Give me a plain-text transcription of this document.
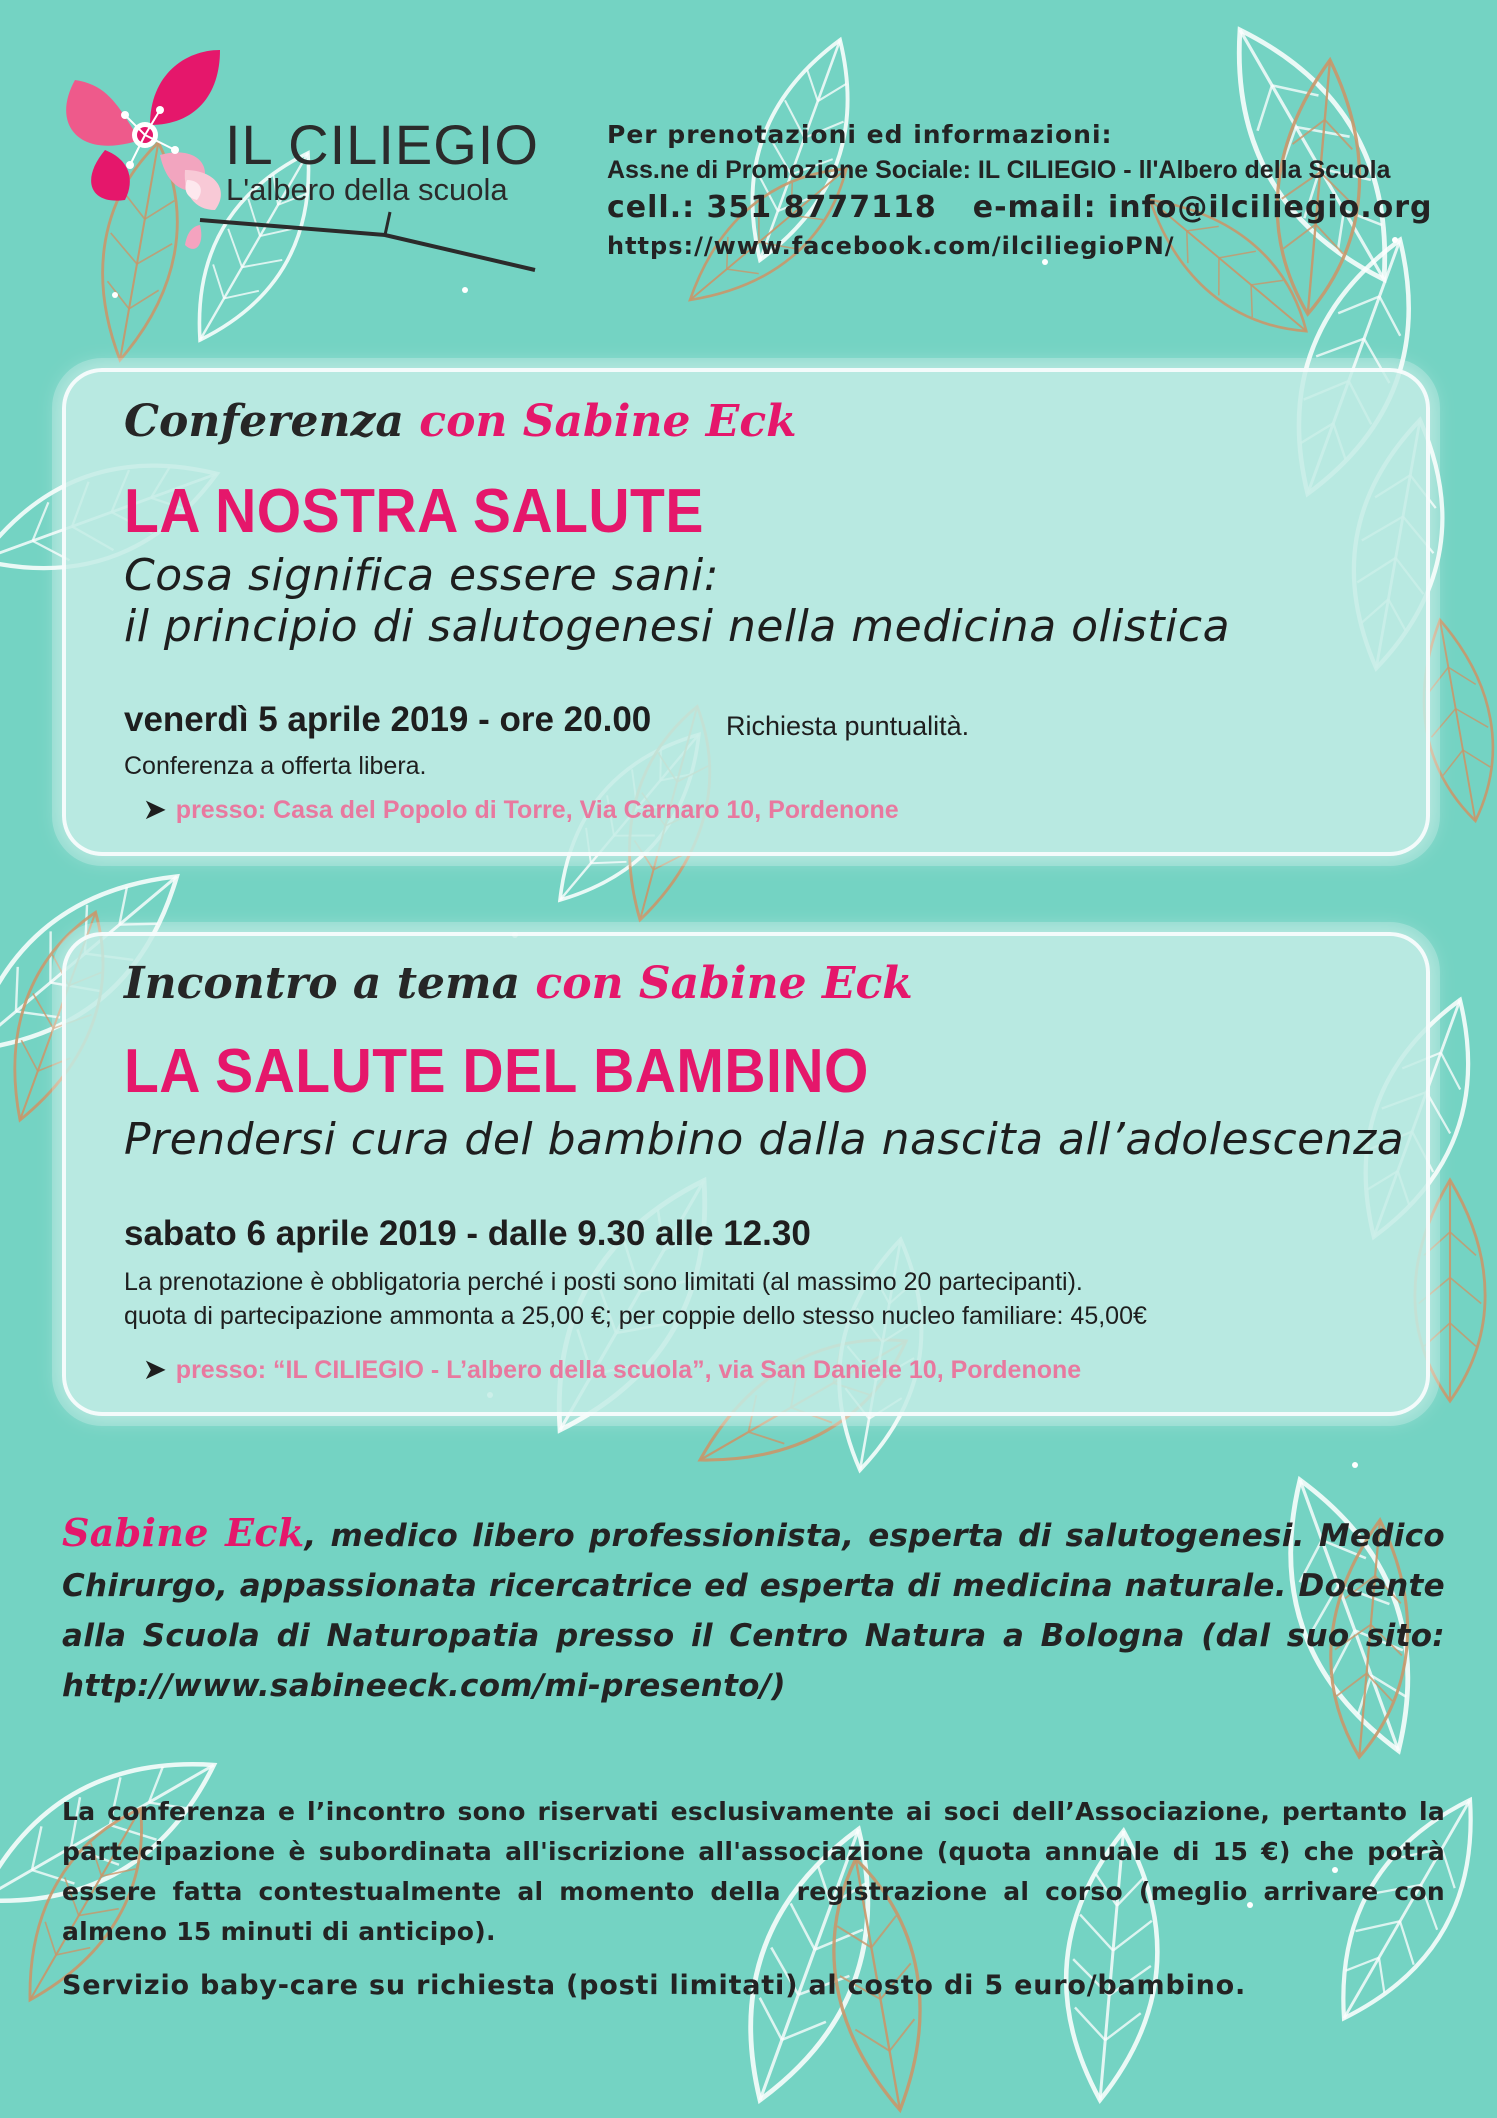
IL CILIEGIO
L'albero della scuola
Per prenotazioni ed informazioni:
Ass.ne di Promozione Sociale: IL CILIEGIO - ll'Albero della Scuola
cell.: 351 8777118 e-mail: info@ilciliegio.org
https://www.facebook.com/ilciliegioPN/
Conferenza con Sabine Eck
LA NOSTRA SALUTE
Cosa significa essere sani:
il principio di salutogenesi nella medicina olistica
venerdì 5 aprile 2019 - ore 20.00	Richiesta puntualità.
Conferenza a offerta libera.
➤ presso: Casa del Popolo di Torre, Via Carnaro 10, Pordenone
Incontro a tema con Sabine Eck
LA SALUTE DEL BAMBINO
Prendersi cura del bambino dalla nascita all’adolescenza
sabato 6 aprile 2019 - dalle 9.30 alle 12.30
La prenotazione è obbligatoria perché i posti sono limitati (al massimo 20 partecipanti).
quota di partecipazione ammonta a 25,00 €; per coppie dello stesso nucleo familiare: 45,00€
➤ presso: “IL CILIEGIO - L’albero della scuola”, via San Daniele 10, Pordenone
Sabine Eck, medico libero professionista, esperta di salutogenesi. Medico Chirurgo, appassionata ricercatrice ed esperta di medicina naturale. Docente alla Scuola di Naturopatia presso il Centro Natura a Bologna (dal suo sito: http://www.sabineeck.com/mi-presento/)
La conferenza e l’incontro sono riservati esclusivamente ai soci dell’Associazione, pertanto la partecipazione è subordinata all'iscrizione all'associazione (quota annuale di 15 €) che potrà essere fatta contestualmente al momento della registrazione al corso (meglio arrivare con almeno 15 minuti di anticipo).
Servizio baby-care su richiesta (posti limitati) al costo di 5 euro/bambino.
